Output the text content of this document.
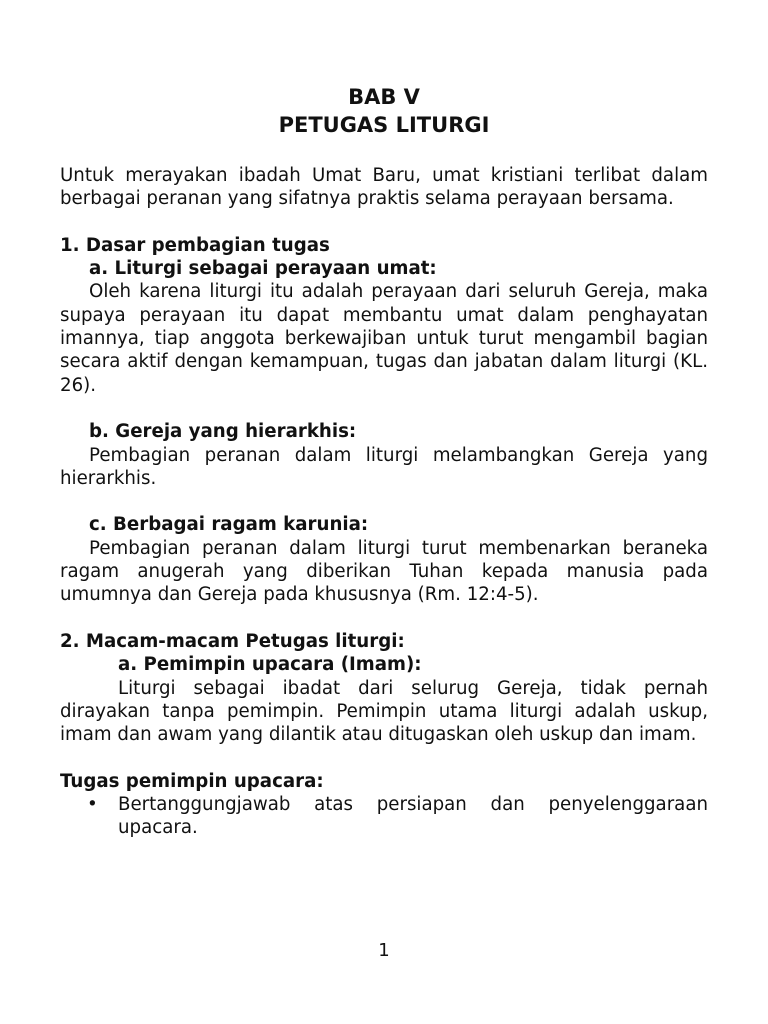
BAB V
PETUGAS LITURGI

Untuk merayakan ibadah Umat Baru, umat kristiani terlibat dalam berbagai peranan yang sifatnya praktis selama perayaan bersama.

1. Dasar pembagian tugas
a. Liturgi sebagai perayaan umat:

Oleh karena liturgi itu adalah perayaan dari seluruh Gereja, maka supaya perayaan itu dapat membantu umat dalam penghayatan imannya, tiap anggota berkewajiban untuk turut mengambil bagian secara aktif dengan kemampuan, tugas dan jabatan dalam liturgi (KL. 26).

b. Gereja yang hierarkhis:

Pembagian peranan dalam liturgi melambangkan Gereja yang hierarkhis.

c. Berbagai ragam karunia:

Pembagian peranan dalam liturgi turut membenarkan beraneka ragam anugerah yang diberikan Tuhan kepada manusia pada umumnya dan Gereja pada khususnya (Rm. 12:4-5).

2. Macam-macam Petugas liturgi:
a. Pemimpin upacara (Imam):

Liturgi sebagai ibadat dari selurug Gereja, tidak pernah dirayakan tanpa pemimpin. Pemimpin utama liturgi adalah uskup, imam dan awam yang dilantik atau ditugaskan oleh uskup dan imam.

Tugas pemimpin upacara:
• Bertanggungjawab atas persiapan dan penyelenggaraan upacara.
1
